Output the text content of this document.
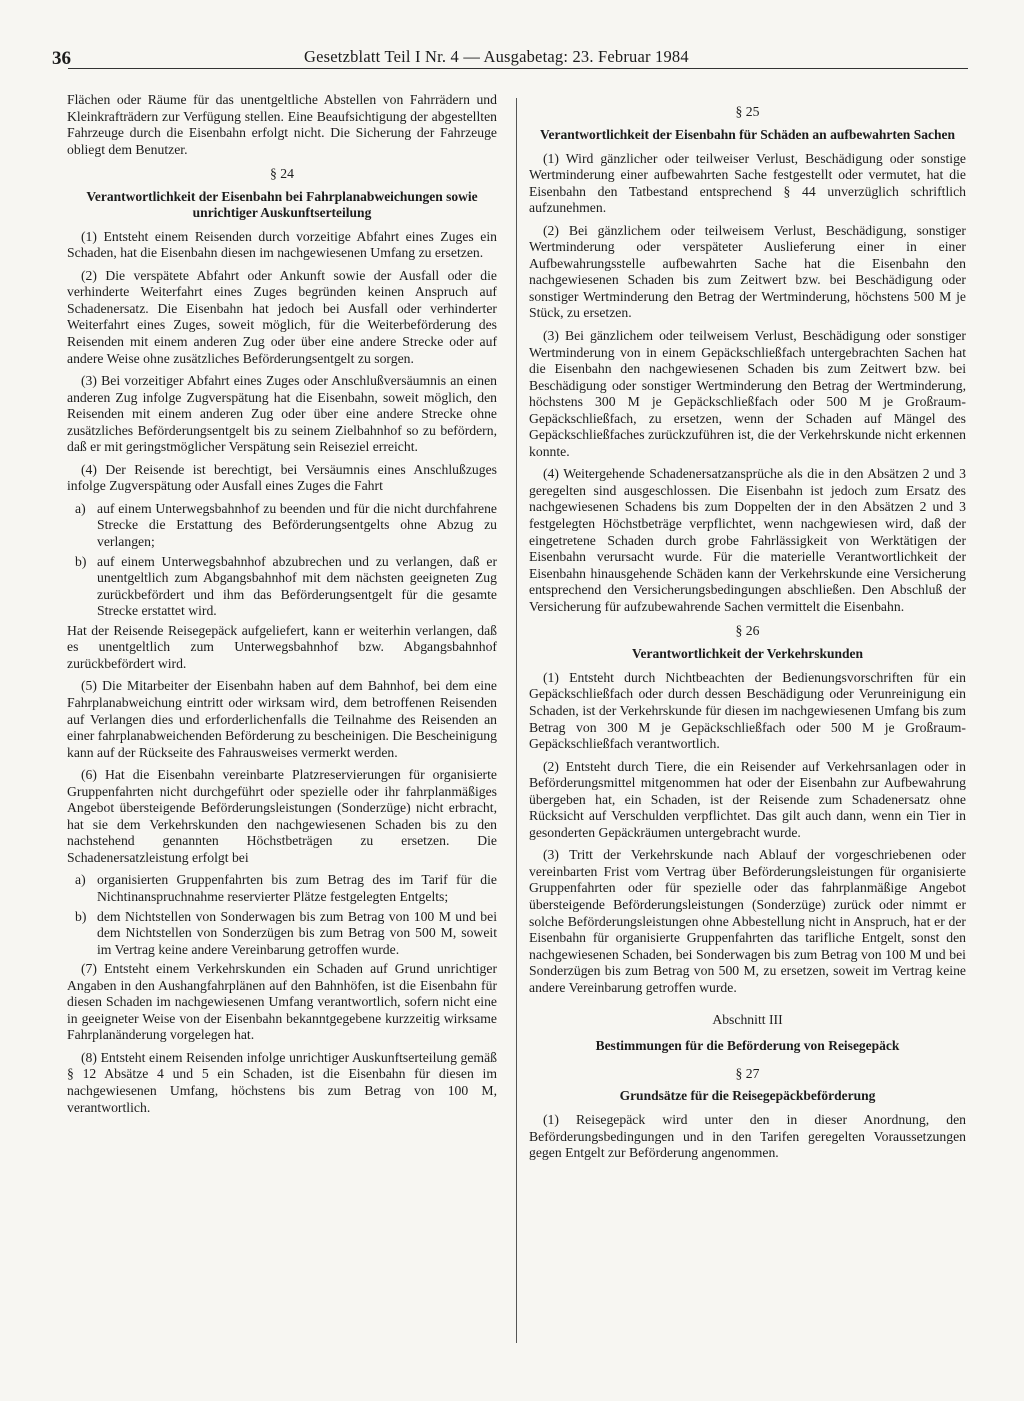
36	Gesetzblatt Teil I Nr. 4 — Ausgabetag: 23. Februar 1984

Flächen oder Räume für das unentgeltliche Abstellen von Fahrrädern und Kleinkrafträdern zur Verfügung stellen. Eine Beaufsichtigung der abgestellten Fahrzeuge durch die Eisenbahn erfolgt nicht. Die Sicherung der Fahrzeuge obliegt dem Benutzer.

§ 24
Verantwortlichkeit der Eisenbahn bei Fahrplanabweichungen sowie unrichtiger Auskunftserteilung

(1) Entsteht einem Reisenden durch vorzeitige Abfahrt eines Zuges ein Schaden, hat die Eisenbahn diesen im nachgewiesenen Umfang zu ersetzen.

(2) Die verspätete Abfahrt oder Ankunft sowie der Ausfall oder die verhinderte Weiterfahrt eines Zuges begründen keinen Anspruch auf Schadenersatz. Die Eisenbahn hat jedoch bei Ausfall oder verhinderter Weiterfahrt eines Zuges, soweit möglich, für die Weiterbeförderung des Reisenden mit einem anderen Zug oder über eine andere Strecke oder auf andere Weise ohne zusätzliches Beförderungsentgelt zu sorgen.

(3) Bei vorzeitiger Abfahrt eines Zuges oder Anschlußversäumnis an einen anderen Zug infolge Zugverspätung hat die Eisenbahn, soweit möglich, den Reisenden mit einem anderen Zug oder über eine andere Strecke ohne zusätzliches Beförderungsentgelt bis zu seinem Zielbahnhof so zu befördern, daß er mit geringstmöglicher Verspätung sein Reiseziel erreicht.

(4) Der Reisende ist berechtigt, bei Versäumnis eines Anschlußzuges infolge Zugverspätung oder Ausfall eines Zuges die Fahrt

a) auf einem Unterwegsbahnhof zu beenden und für die nicht durchfahrene Strecke die Erstattung des Beförderungsentgelts ohne Abzug zu verlangen;
b) auf einem Unterwegsbahnhof abzubrechen und zu verlangen, daß er unentgeltlich zum Abgangsbahnhof mit dem nächsten geeigneten Zug zurückbefördert und ihm das Beförderungsentgelt für die gesamte Strecke erstattet wird.

Hat der Reisende Reisegepäck aufgeliefert, kann er weiterhin verlangen, daß es unentgeltlich zum Unterwegsbahnhof bzw. Abgangsbahnhof zurückbefördert wird.

(5) Die Mitarbeiter der Eisenbahn haben auf dem Bahnhof, bei dem eine Fahrplanabweichung eintritt oder wirksam wird, dem betroffenen Reisenden auf Verlangen dies und erforderlichenfalls die Teilnahme des Reisenden an einer fahrplanabweichenden Beförderung zu bescheinigen. Die Bescheinigung kann auf der Rückseite des Fahrausweises vermerkt werden.

(6) Hat die Eisenbahn vereinbarte Platzreservierungen für organisierte Gruppenfahrten nicht durchgeführt oder spezielle oder ihr fahrplanmäßiges Angebot übersteigende Beförderungsleistungen (Sonderzüge) nicht erbracht, hat sie dem Verkehrskunden den nachgewiesenen Schaden bis zu den nachstehend genannten Höchstbeträgen zu ersetzen. Die Schadenersatzleistung erfolgt bei

a) organisierten Gruppenfahrten bis zum Betrag des im Tarif für die Nichtinanspruchnahme reservierter Plätze festgelegten Entgelts;
b) dem Nichtstellen von Sonderwagen bis zum Betrag von 100 M und bei dem Nichtstellen von Sonderzügen bis zum Betrag von 500 M, soweit im Vertrag keine andere Vereinbarung getroffen wurde.

(7) Entsteht einem Verkehrskunden ein Schaden auf Grund unrichtiger Angaben in den Aushangfahrplänen auf den Bahnhöfen, ist die Eisenbahn für diesen Schaden im nachgewiesenen Umfang verantwortlich, sofern nicht eine in geeigneter Weise von der Eisenbahn bekanntgegebene kurzzeitig wirksame Fahrplanänderung vorgelegen hat.

(8) Entsteht einem Reisenden infolge unrichtiger Auskunftserteilung gemäß § 12 Absätze 4 und 5 ein Schaden, ist die Eisenbahn für diesen im nachgewiesenen Umfang, höchstens bis zum Betrag von 100 M, verantwortlich.

§ 25
Verantwortlichkeit der Eisenbahn für Schäden an aufbewahrten Sachen

(1) Wird gänzlicher oder teilweiser Verlust, Beschädigung oder sonstige Wertminderung einer aufbewahrten Sache festgestellt oder vermutet, hat die Eisenbahn den Tatbestand entsprechend § 44 unverzüglich schriftlich aufzunehmen.

(2) Bei gänzlichem oder teilweisem Verlust, Beschädigung, sonstiger Wertminderung oder verspäteter Auslieferung einer in einer Aufbewahrungsstelle aufbewahrten Sache hat die Eisenbahn den nachgewiesenen Schaden bis zum Zeitwert bzw. bei Beschädigung oder sonstiger Wertminderung den Betrag der Wertminderung, höchstens 500 M je Stück, zu ersetzen.

(3) Bei gänzlichem oder teilweisem Verlust, Beschädigung oder sonstiger Wertminderung von in einem Gepäckschließfach untergebrachten Sachen hat die Eisenbahn den nachgewiesenen Schaden bis zum Zeitwert bzw. bei Beschädigung oder sonstiger Wertminderung den Betrag der Wertminderung, höchstens 300 M je Gepäckschließfach oder 500 M je Großraum-Gepäckschließfach, zu ersetzen, wenn der Schaden auf Mängel des Gepäckschließfaches zurückzuführen ist, die der Verkehrskunde nicht erkennen konnte.

(4) Weitergehende Schadenersatzansprüche als die in den Absätzen 2 und 3 geregelten sind ausgeschlossen. Die Eisenbahn ist jedoch zum Ersatz des nachgewiesenen Schadens bis zum Doppelten der in den Absätzen 2 und 3 festgelegten Höchstbeträge verpflichtet, wenn nachgewiesen wird, daß der eingetretene Schaden durch grobe Fahrlässigkeit von Werktätigen der Eisenbahn verursacht wurde. Für die materielle Verantwortlichkeit der Eisenbahn hinausgehende Schäden kann der Verkehrskunde eine Versicherung entsprechend den Versicherungsbedingungen abschließen. Den Abschluß der Versicherung für aufzubewahrende Sachen vermittelt die Eisenbahn.

§ 26
Verantwortlichkeit der Verkehrskunden

(1) Entsteht durch Nichtbeachten der Bedienungsvorschriften für ein Gepäckschließfach oder durch dessen Beschädigung oder Verunreinigung ein Schaden, ist der Verkehrskunde für diesen im nachgewiesenen Umfang bis zum Betrag von 300 M je Gepäckschließfach oder 500 M je Großraum-Gepäckschließfach verantwortlich.

(2) Entsteht durch Tiere, die ein Reisender auf Verkehrsanlagen oder in Beförderungsmittel mitgenommen hat oder der Eisenbahn zur Aufbewahrung übergeben hat, ein Schaden, ist der Reisende zum Schadenersatz ohne Rücksicht auf Verschulden verpflichtet. Das gilt auch dann, wenn ein Tier in gesonderten Gepäckräumen untergebracht wurde.

(3) Tritt der Verkehrskunde nach Ablauf der vorgeschriebenen oder vereinbarten Frist vom Vertrag über Beförderungsleistungen für organisierte Gruppenfahrten oder für spezielle oder das fahrplanmäßige Angebot übersteigende Beförderungsleistungen (Sonderzüge) zurück oder nimmt er solche Beförderungsleistungen ohne Abbestellung nicht in Anspruch, hat er der Eisenbahn für organisierte Gruppenfahrten das tarifliche Entgelt, sonst den nachgewiesenen Schaden, bei Sonderwagen bis zum Betrag von 100 M und bei Sonderzügen bis zum Betrag von 500 M, zu ersetzen, soweit im Vertrag keine andere Vereinbarung getroffen wurde.

Abschnitt III
Bestimmungen für die Beförderung von Reisegepäck
§ 27
Grundsätze für die Reisegepäckbeförderung

(1) Reisegepäck wird unter den in dieser Anordnung, den Beförderungsbedingungen und in den Tarifen geregelten Voraussetzungen gegen Entgelt zur Beförderung angenommen.
